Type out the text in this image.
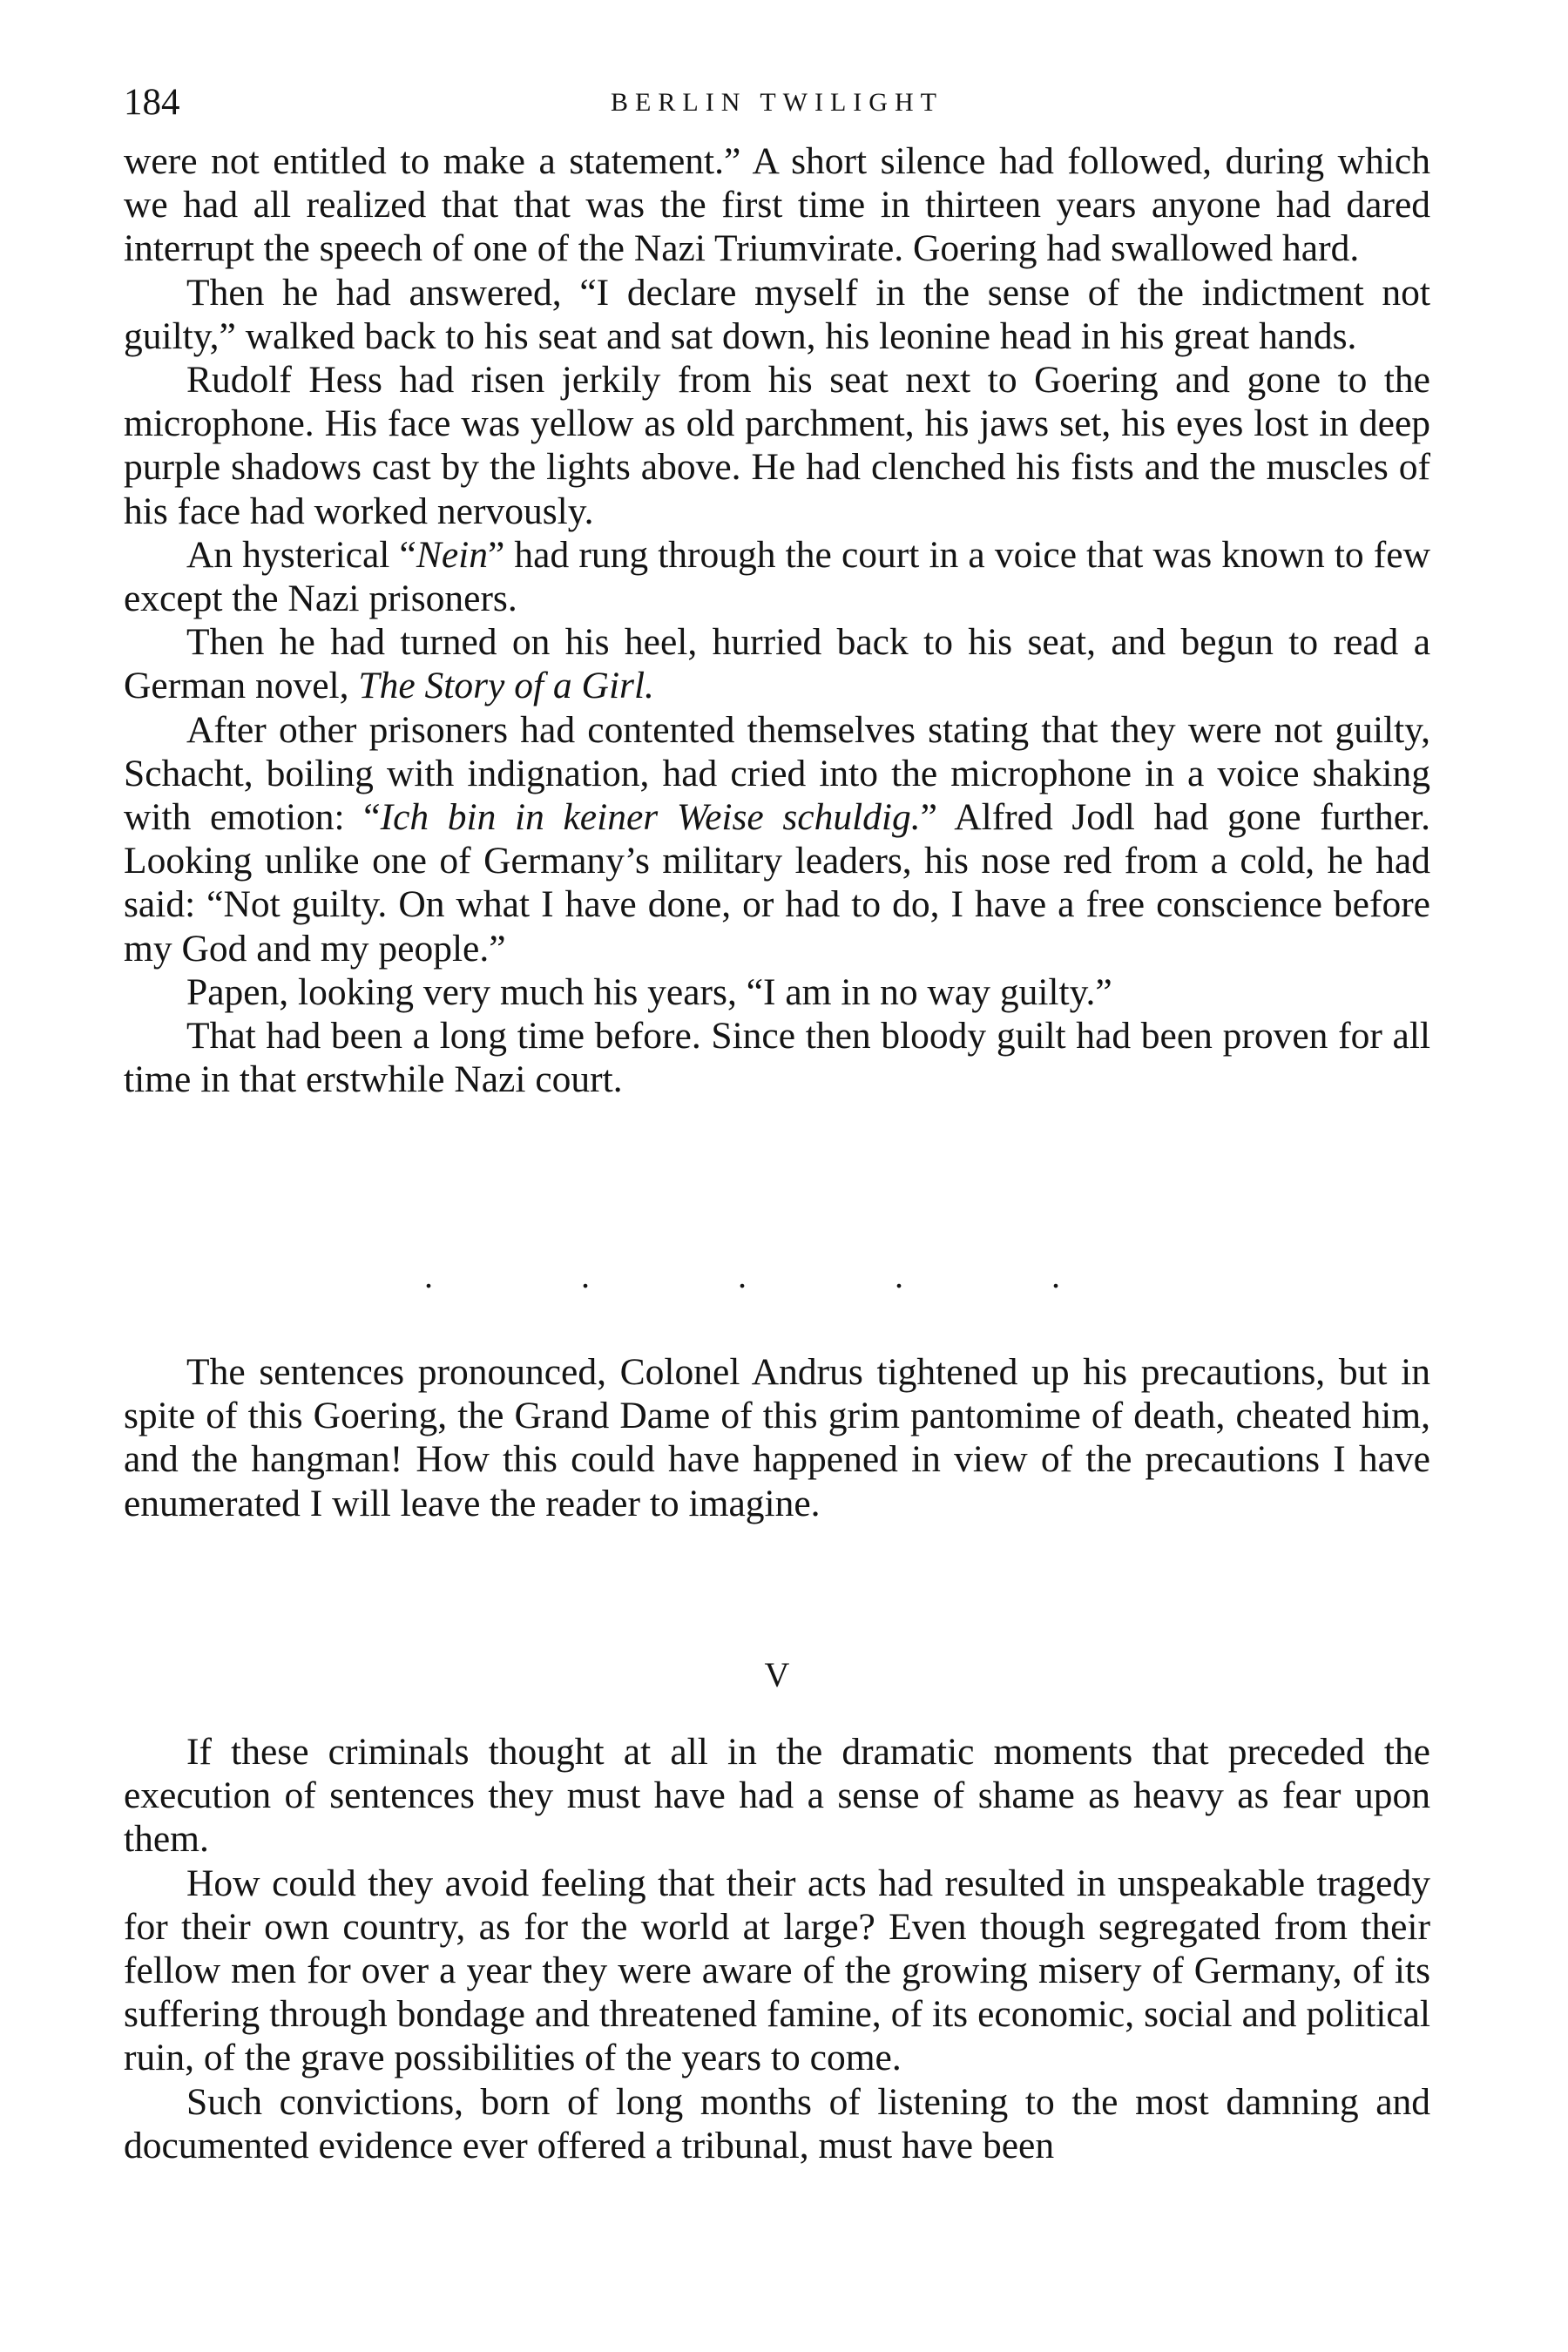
184	BERLIN TWILIGHT

were not entitled to make a statement.” A short silence had followed, during which we had all realized that that was the first time in thirteen years anyone had dared interrupt the speech of one of the Nazi Triumvirate. Goering had swallowed hard.

Then he had answered, “I declare myself in the sense of the indictment not guilty,” walked back to his seat and sat down, his leonine head in his great hands.

Rudolf Hess had risen jerkily from his seat next to Goering and gone to the microphone. His face was yellow as old parchment, his jaws set, his eyes lost in deep purple shadows cast by the lights above. He had clenched his fists and the muscles of his face had worked nervously.

An hysterical “Nein” had rung through the court in a voice that was known to few except the Nazi prisoners.

Then he had turned on his heel, hurried back to his seat, and begun to read a German novel, The Story of a Girl.

After other prisoners had contented themselves stating that they were not guilty, Schacht, boiling with indignation, had cried into the microphone in a voice shaking with emotion: “Ich bin in keiner Weise schuldig.” Alfred Jodl had gone further. Looking unlike one of Germany’s military leaders, his nose red from a cold, he had said: “Not guilty. On what I have done, or had to do, I have a free conscience before my God and my people.”

Papen, looking very much his years, “I am in no way guilty.”

That had been a long time before. Since then bloody guilt had been proven for all time in that erstwhile Nazi court.

. . . . .

The sentences pronounced, Colonel Andrus tightened up his precautions, but in spite of this Goering, the Grand Dame of this grim pantomime of death, cheated him, and the hangman! How this could have happened in view of the precautions I have enumerated I will leave the reader to imagine.

V

If these criminals thought at all in the dramatic moments that preceded the execution of sentences they must have had a sense of shame as heavy as fear upon them.

How could they avoid feeling that their acts had resulted in unspeakable tragedy for their own country, as for the world at large? Even though segregated from their fellow men for over a year they were aware of the growing misery of Germany, of its suffering through bondage and threatened famine, of its economic, social and political ruin, of the grave possibilities of the years to come.

Such convictions, born of long months of listening to the most damning and documented evidence ever offered a tribunal, must have been
